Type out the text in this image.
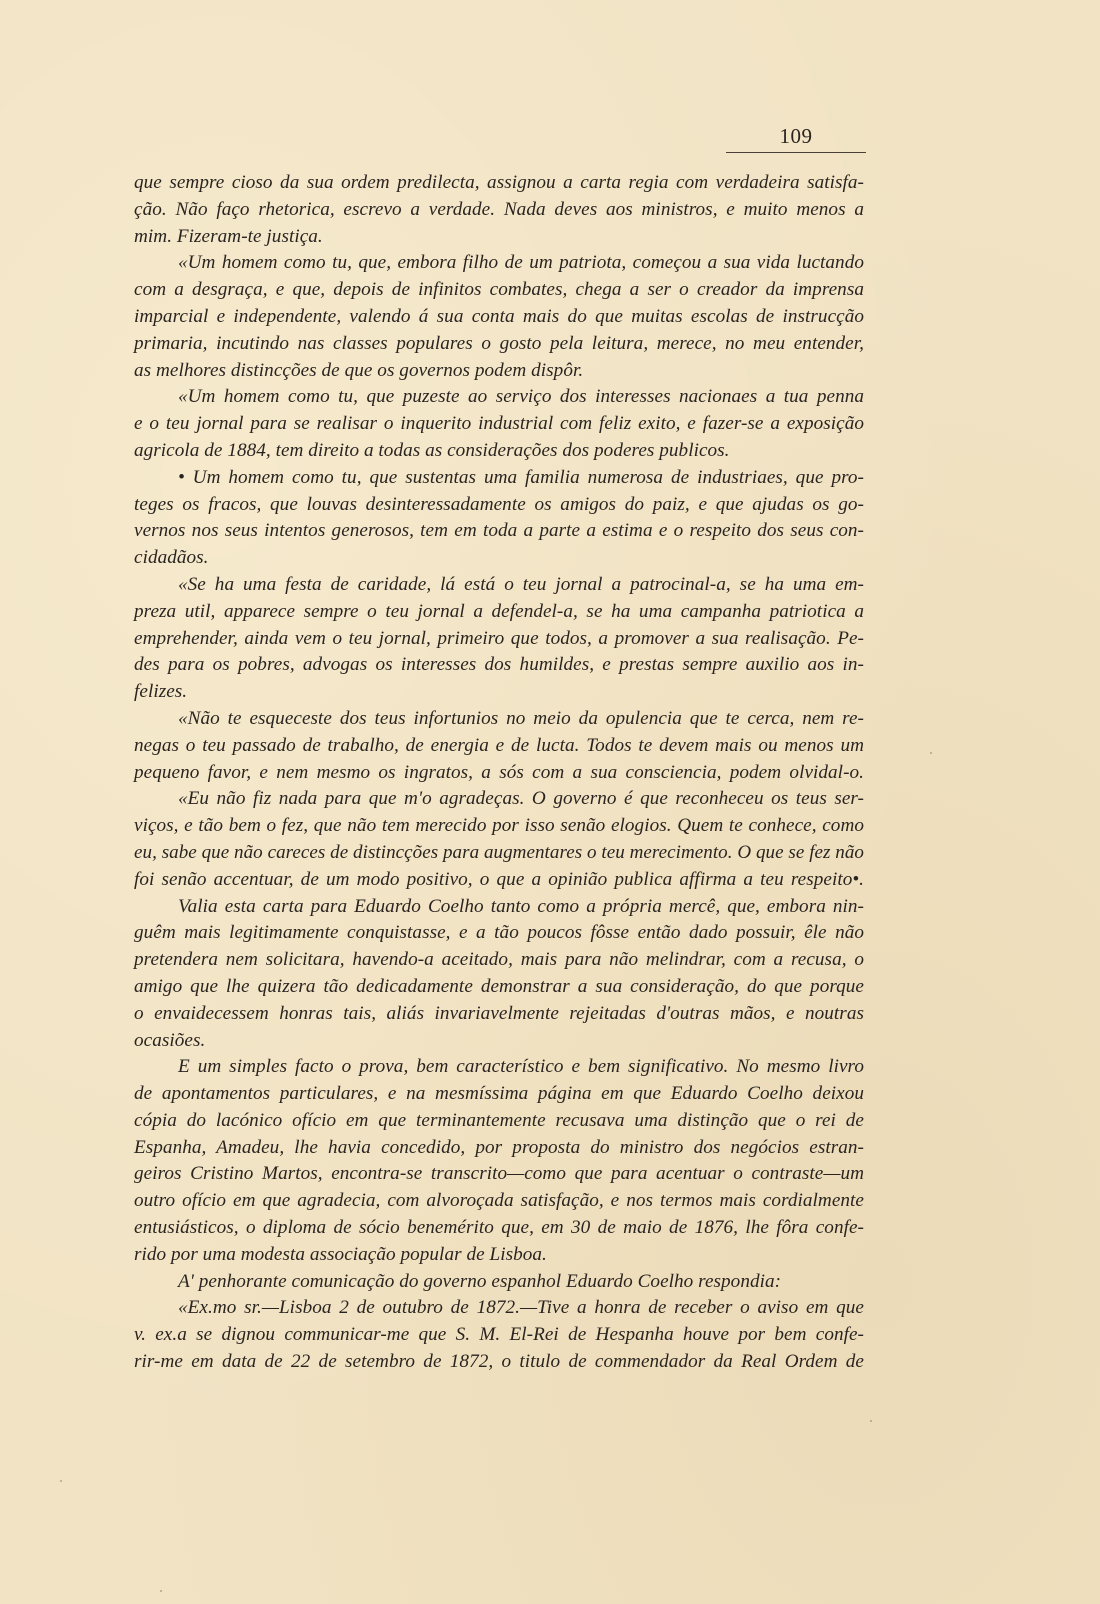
109
que sempre cioso da sua ordem predilecta, assignou a carta regia com verdadeira satisfa-
ção. Não faço rhetorica, escrevo a verdade. Nada deves aos ministros, e muito menos a
mim. Fizeram-te justiça.
«Um homem como tu, que, embora filho de um patriota, começou a sua vida luctando
com a desgraça, e que, depois de infinitos combates, chega a ser o creador da imprensa
imparcial e independente, valendo á sua conta mais do que muitas escolas de instrucção
primaria, incutindo nas classes populares o gosto pela leitura, merece, no meu entender,
as melhores distincções de que os governos podem dispôr.
«Um homem como tu, que puzeste ao serviço dos interesses nacionaes a tua penna
e o teu jornal para se realisar o inquerito industrial com feliz exito, e fazer-se a exposição
agricola de 1884, tem direito a todas as considerações dos poderes publicos.
• Um homem como tu, que sustentas uma familia numerosa de industriaes, que pro-
teges os fracos, que louvas desinteressadamente os amigos do paiz, e que ajudas os go-
vernos nos seus intentos generosos, tem em toda a parte a estima e o respeito dos seus con-
cidadãos.
«Se ha uma festa de caridade, lá está o teu jornal a patrocinal-a, se ha uma em-
preza util, apparece sempre o teu jornal a defendel-a, se ha uma campanha patriotica a
emprehender, ainda vem o teu jornal, primeiro que todos, a promover a sua realisação. Pe-
des para os pobres, advogas os interesses dos humildes, e prestas sempre auxilio aos in-
felizes.
«Não te esqueceste dos teus infortunios no meio da opulencia que te cerca, nem re-
negas o teu passado de trabalho, de energia e de lucta. Todos te devem mais ou menos um
pequeno favor, e nem mesmo os ingratos, a sós com a sua consciencia, podem olvidal-o.
«Eu não fiz nada para que m'o agradeças. O governo é que reconheceu os teus ser-
viços, e tão bem o fez, que não tem merecido por isso senão elogios. Quem te conhece, como
eu, sabe que não careces de distincções para augmentares o teu merecimento. O que se fez não
foi senão accentuar, de um modo positivo, o que a opinião publica affirma a teu respeito•.
Valia esta carta para Eduardo Coelho tanto como a própria mercê, que, embora nin-
guêm mais legitimamente conquistasse, e a tão poucos fôsse então dado possuir, êle não
pretendera nem solicitara, havendo-a aceitado, mais para não melindrar, com a recusa, o
amigo que lhe quizera tão dedicadamente demonstrar a sua consideração, do que porque
o envaidecessem honras tais, aliás invariavelmente rejeitadas d'outras mãos, e noutras
ocasiões.
E um simples facto o prova, bem característico e bem significativo. No mesmo livro
de apontamentos particulares, e na mesmíssima página em que Eduardo Coelho deixou
cópia do lacónico ofício em que terminantemente recusava uma distinção que o rei de
Espanha, Amadeu, lhe havia concedido, por proposta do ministro dos negócios estran-
geiros Cristino Martos, encontra-se transcrito—como que para acentuar o contraste—um
outro ofício em que agradecia, com alvoroçada satisfação, e nos termos mais cordialmente
entusiásticos, o diploma de sócio benemérito que, em 30 de maio de 1876, lhe fôra confe-
rido por uma modesta associação popular de Lisboa.
A' penhorante comunicação do governo espanhol Eduardo Coelho respondia:
«Ex.mo sr.—Lisboa 2 de outubro de 1872.—Tive a honra de receber o aviso em que
v. ex.a se dignou communicar-me que S. M. El-Rei de Hespanha houve por bem confe-
rir-me em data de 22 de setembro de 1872, o titulo de commendador da Real Ordem de
